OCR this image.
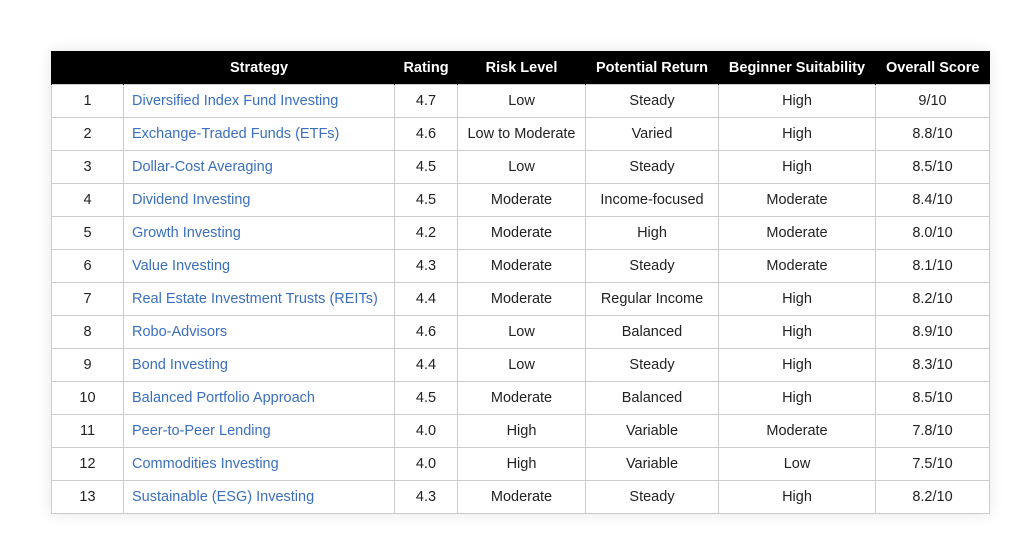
	Strategy	Rating	Risk Level	Potential Return	Beginner Suitability	Overall Score
1	Diversified Index Fund Investing	4.7	Low	Steady	High	9/10
2	Exchange-Traded Funds (ETFs)	4.6	Low to Moderate	Varied	High	8.8/10
3	Dollar-Cost Averaging	4.5	Low	Steady	High	8.5/10
4	Dividend Investing	4.5	Moderate	Income-focused	Moderate	8.4/10
5	Growth Investing	4.2	Moderate	High	Moderate	8.0/10
6	Value Investing	4.3	Moderate	Steady	Moderate	8.1/10
7	Real Estate Investment Trusts (REITs)	4.4	Moderate	Regular Income	High	8.2/10
8	Robo-Advisors	4.6	Low	Balanced	High	8.9/10
9	Bond Investing	4.4	Low	Steady	High	8.3/10
10	Balanced Portfolio Approach	4.5	Moderate	Balanced	High	8.5/10
11	Peer-to-Peer Lending	4.0	High	Variable	Moderate	7.8/10
12	Commodities Investing	4.0	High	Variable	Low	7.5/10
13	Sustainable (ESG) Investing	4.3	Moderate	Steady	High	8.2/10
